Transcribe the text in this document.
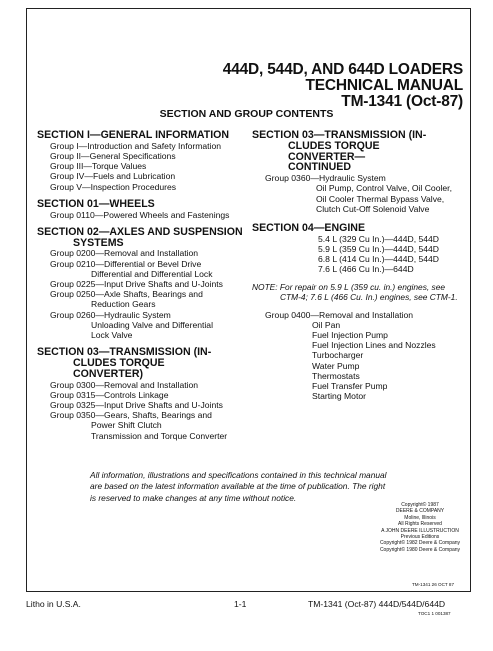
444D, 544D, AND 644D LOADERS
TECHNICAL MANUAL
TM-1341 (Oct-87)
SECTION AND GROUP CONTENTS
SECTION I—GENERAL INFORMATION
Group I—Introduction and Safety Information
Group II—General Specifications
Group III—Torque Values
Group IV—Fuels and Lubrication
Group V—Inspection Procedures
SECTION 01—WHEELS
Group 0110—Powered Wheels and Fastenings
SECTION 02—AXLES AND SUSPENSION
SYSTEMS
Group 0200—Removal and Installation
Group 0210—Differential or Bevel Drive
Differential and Differential Lock
Group 0225—Input Drive Shafts and U-Joints
Group 0250—Axle Shafts, Bearings and
Reduction Gears
Group 0260—Hydraulic System
Unloading Valve and Differential
Lock Valve
SECTION 03—TRANSMISSION (IN-
CLUDES TORQUE
CONVERTER)
Group 0300—Removal and Installation
Group 0315—Controls Linkage
Group 0325—Input Drive Shafts and U-Joints
Group 0350—Gears, Shafts, Bearings and
Power Shift Clutch
Transmission and Torque Converter
SECTION 03—TRANSMISSION (IN-
CLUDES TORQUE
CONVERTER—
CONTINUED
Group 0360—Hydraulic System
Oil Pump, Control Valve, Oil Cooler,
Oil Cooler Thermal Bypass Valve,
Clutch Cut-Off Solenoid Valve
SECTION 04—ENGINE
5.4 L (329 Cu In.)—444D, 544D
5.9 L (359 Cu In.)—444D, 544D
6.8 L (414 Cu In.)—444D, 544D
7.6 L (466 Cu In.)—644D
NOTE: For repair on 5.9 L (359 cu. in.) engines, see
CTM-4; 7.6 L (466 Cu. In.) engines, see CTM-1.
Group 0400—Removal and Installation
Oil Pan
Fuel Injection Pump
Fuel Injection Lines and Nozzles
Turbocharger
Water Pump
Thermostats
Fuel Transfer Pump
Starting Motor
All information, illustrations and specifications contained in this technical manual
are based on the latest information available at the time of publication. The right
is reserved to make changes at any time without notice.
Copyright© 1987
DEERE & COMPANY
Moline, Illinois
All Rights Reserved
A JOHN DEERE ILLUSTRUCTION
Previous Editions
Copyright© 1982 Deere & Company
Copyright© 1980 Deere & Company
TM-1341 26 OCT 87
Litho in U.S.A.	1-1	TM-1341 (Oct-87) 444D/544D/644D
TOC1 1 001387
